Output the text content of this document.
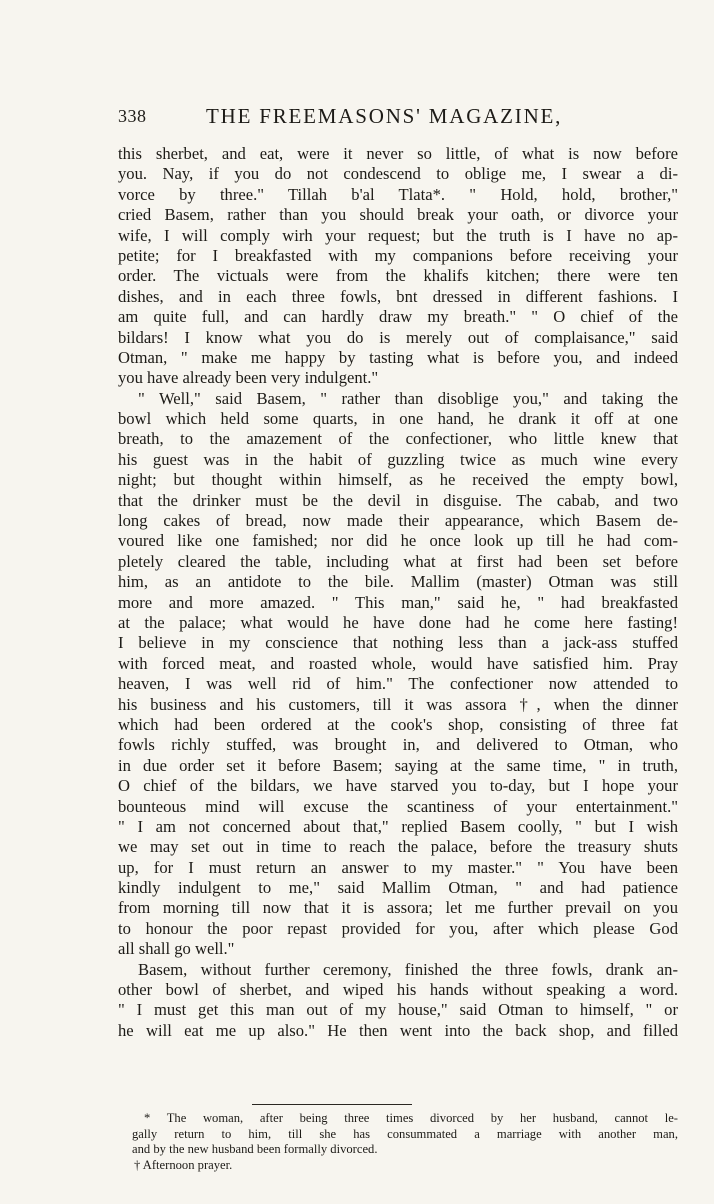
338	THE FREEMASONS' MAGAZINE,
this sherbet, and eat, were it never so little, of what is now before
you. Nay, if you do not condescend to oblige me, I swear a di-
vorce by three." Tillah b'al Tlata*. " Hold, hold, brother,"
cried Basem, rather than you should break your oath, or divorce your
wife, I will comply wirh your request; but the truth is I have no ap-
petite; for I breakfasted with my companions before receiving your
order. The victuals were from the khalifs kitchen; there were ten
dishes, and in each three fowls, bnt dressed in different fashions. I
am quite full, and can hardly draw my breath." " O chief of the
bildars! I know what you do is merely out of complaisance," said
Otman, " make me happy by tasting what is before you, and indeed
you have already been very indulgent."
" Well," said Basem, " rather than disoblige you," and taking the
bowl which held some quarts, in one hand, he drank it off at one
breath, to the amazement of the confectioner, who little knew that
his guest was in the habit of guzzling twice as much wine every
night; but thought within himself, as he received the empty bowl,
that the drinker must be the devil in disguise. The cabab, and two
long cakes of bread, now made their appearance, which Basem de-
voured like one famished; nor did he once look up till he had com-
pletely cleared the table, including what at first had been set before
him, as an antidote to the bile. Mallim (master) Otman was still
more and more amazed. " This man," said he, " had breakfasted
at the palace; what would he have done had he come here fasting!
I believe in my conscience that nothing less than a jack-ass stuffed
with forced meat, and roasted whole, would have satisfied him. Pray
heaven, I was well rid of him." The confectioner now attended to
his business and his customers, till it was assora †, when the dinner
which had been ordered at the cook's shop, consisting of three fat
fowls richly stuffed, was brought in, and delivered to Otman, who
in due order set it before Basem; saying at the same time, " in truth,
O chief of the bildars, we have starved you to-day, but I hope your
bounteous mind will excuse the scantiness of your entertainment."
" I am not concerned about that," replied Basem coolly, " but I wish
we may set out in time to reach the palace, before the treasury shuts
up, for I must return an answer to my master." " You have been
kindly indulgent to me," said Mallim Otman, " and had patience
from morning till now that it is assora; let me further prevail on you
to honour the poor repast provided for you, after which please God
all shall go well."
Basem, without further ceremony, finished the three fowls, drank an-
other bowl of sherbet, and wiped his hands without speaking a word.
" I must get this man out of my house," said Otman to himself, " or
he will eat me up also." He then went into the back shop, and filled
* The woman, after being three times divorced by her husband, cannot le-
gally return to him, till she has consummated a marriage with another man,
and by the new husband been formally divorced.
† Afternoon prayer.
